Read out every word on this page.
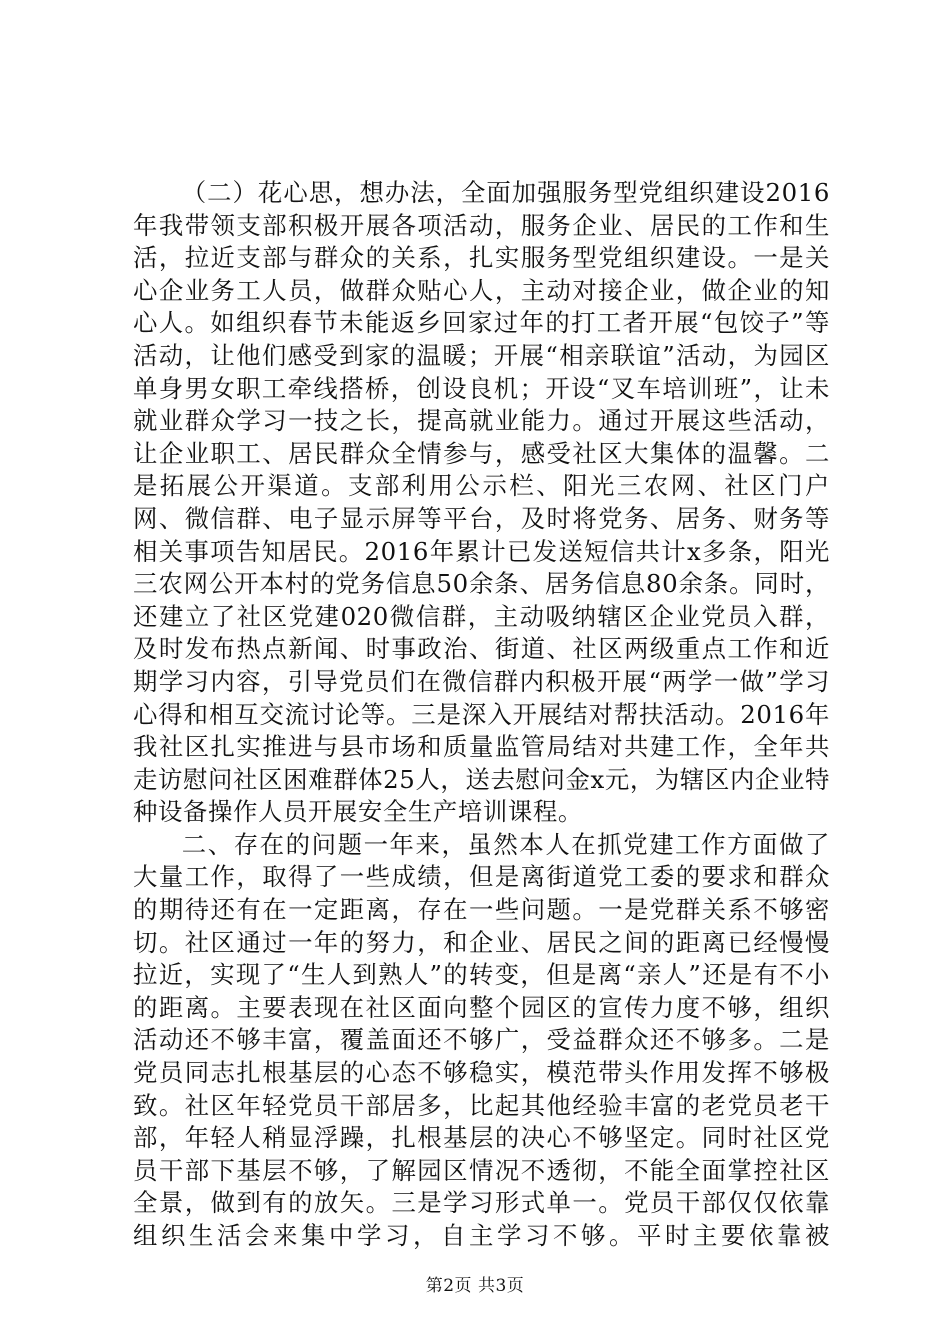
（二）花心思，想办法，全面加强服务型党组织建设2016年我带领支部积极开展各项活动，服务企业、居民的工作和生活，拉近支部与群众的关系，扎实服务型党组织建设。一是关心企业务工人员，做群众贴心人，主动对接企业，做企业的知心人。如组织春节未能返乡回家过年的打工者开展“包饺子”等活动，让他们感受到家的温暖；开展“相亲联谊”活动，为园区单身男女职工牵线搭桥，创设良机；开设“叉车培训班”，让未就业群众学习一技之长，提高就业能力。通过开展这些活动，让企业职工、居民群众全情参与，感受社区大集体的温馨。二是拓展公开渠道。支部利用公示栏、阳光三农网、社区门户网、微信群、电子显示屏等平台，及时将党务、居务、财务等相关事项告知居民。2016年累计已发送短信共计x多条，阳光三农网公开本村的党务信息50余条、居务信息80余条。同时，还建立了社区党建020微信群，主动吸纳辖区企业党员入群，及时发布热点新闻、时事政治、街道、社区两级重点工作和近期学习内容，引导党员们在微信群内积极开展“两学一做”学习心得和相互交流讨论等。三是深入开展结对帮扶活动。2016年我社区扎实推进与县市场和质量监管局结对共建工作，全年共走访慰问社区困难群体25人，送去慰问金x元，为辖区内企业特种设备操作人员开展安全生产培训课程。

二、存在的问题一年来，虽然本人在抓党建工作方面做了大量工作，取得了一些成绩，但是离街道党工委的要求和群众的期待还有在一定距离，存在一些问题。一是党群关系不够密切。社区通过一年的努力，和企业、居民之间的距离已经慢慢拉近，实现了“生人到熟人”的转变，但是离“亲人”还是有不小的距离。主要表现在社区面向整个园区的宣传力度不够，组织活动还不够丰富，覆盖面还不够广，受益群众还不够多。二是党员同志扎根基层的心态不够稳实，模范带头作用发挥不够极致。社区年轻党员干部居多，比起其他经验丰富的老党员老干部，年轻人稍显浮躁，扎根基层的决心不够坚定。同时社区党员干部下基层不够，了解园区情况不透彻，不能全面掌控社区全景，做到有的放矢。三是学习形式单一。党员干部仅仅依靠组织生活会来集中学习，自主学习不够。平时主要依靠被

第2页 共3页
